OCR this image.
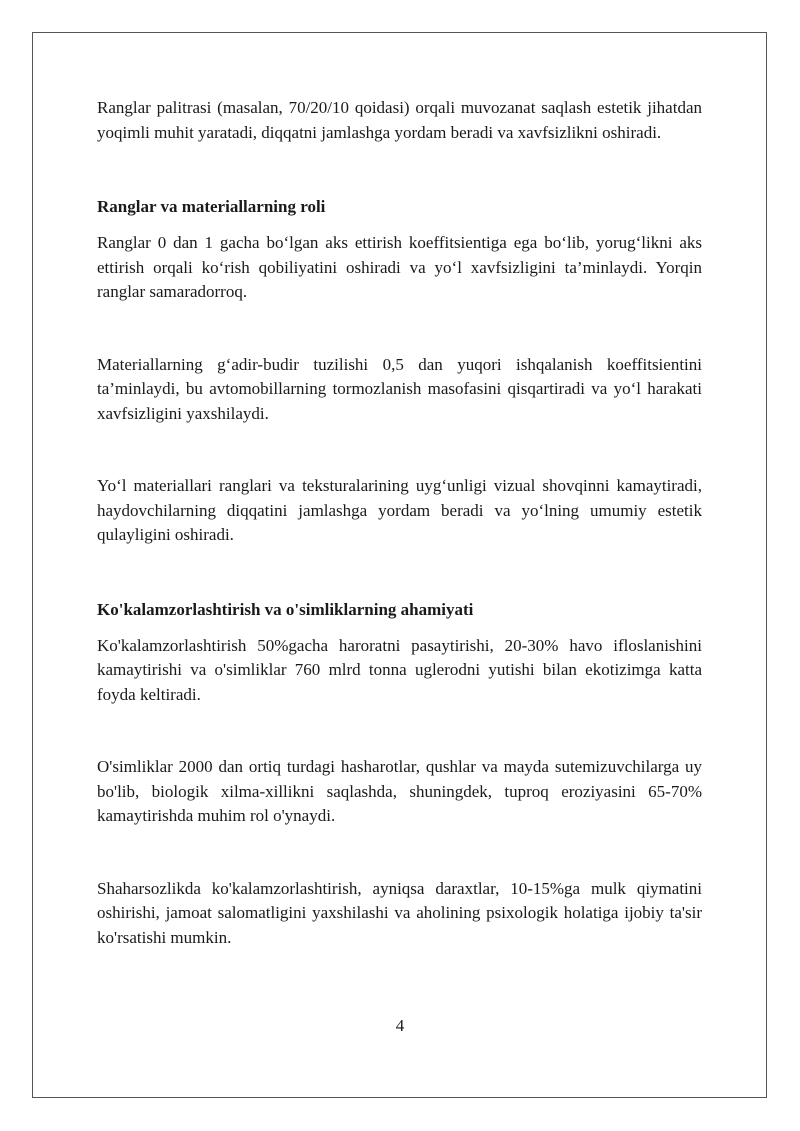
Ranglar palitrasi (masalan, 70/20/10 qoidasi) orqali muvozanat saqlash estetik jihatdan yoqimli muhit yaratadi, diqqatni jamlashga yordam beradi va xavfsizlikni oshiradi.

Ranglar va materiallarning roli

Ranglar 0 dan 1 gacha bo‘lgan aks ettirish koeffitsientiga ega bo‘lib, yorug‘likni aks ettirish orqali ko‘rish qobiliyatini oshiradi va yo‘l xavfsizligini ta’minlaydi. Yorqin ranglar samaradorroq.

Materiallarning g‘adir-budir tuzilishi 0,5 dan yuqori ishqalanish koeffitsientini ta’minlaydi, bu avtomobillarning tormozlanish masofasini qisqartiradi va yo‘l harakati xavfsizligini yaxshilaydi.

Yo‘l materiallari ranglari va teksturalarining uyg‘unligi vizual shovqinni kamaytiradi, haydovchilarning diqqatini jamlashga yordam beradi va yo‘lning umumiy estetik qulayligini oshiradi.

Ko'kalamzorlashtirish va o'simliklarning ahamiyati

Ko'kalamzorlashtirish 50%gacha haroratni pasaytirishi, 20-30% havo ifloslanishini kamaytirishi va o'simliklar 760 mlrd tonna uglerodni yutishi bilan ekotizimga katta foyda keltiradi.

O'simliklar 2000 dan ortiq turdagi hasharotlar, qushlar va mayda sutemizuvchilarga uy bo'lib, biologik xilma-xillikni saqlashda, shuningdek, tuproq eroziyasini 65-70% kamaytirishda muhim rol o'ynaydi.

Shaharsozlikda ko'kalamzorlashtirish, ayniqsa daraxtlar, 10-15%ga mulk qiymatini oshirishi, jamoat salomatligini yaxshilashi va aholining psixologik holatiga ijobiy ta'sir ko'rsatishi mumkin.

4
